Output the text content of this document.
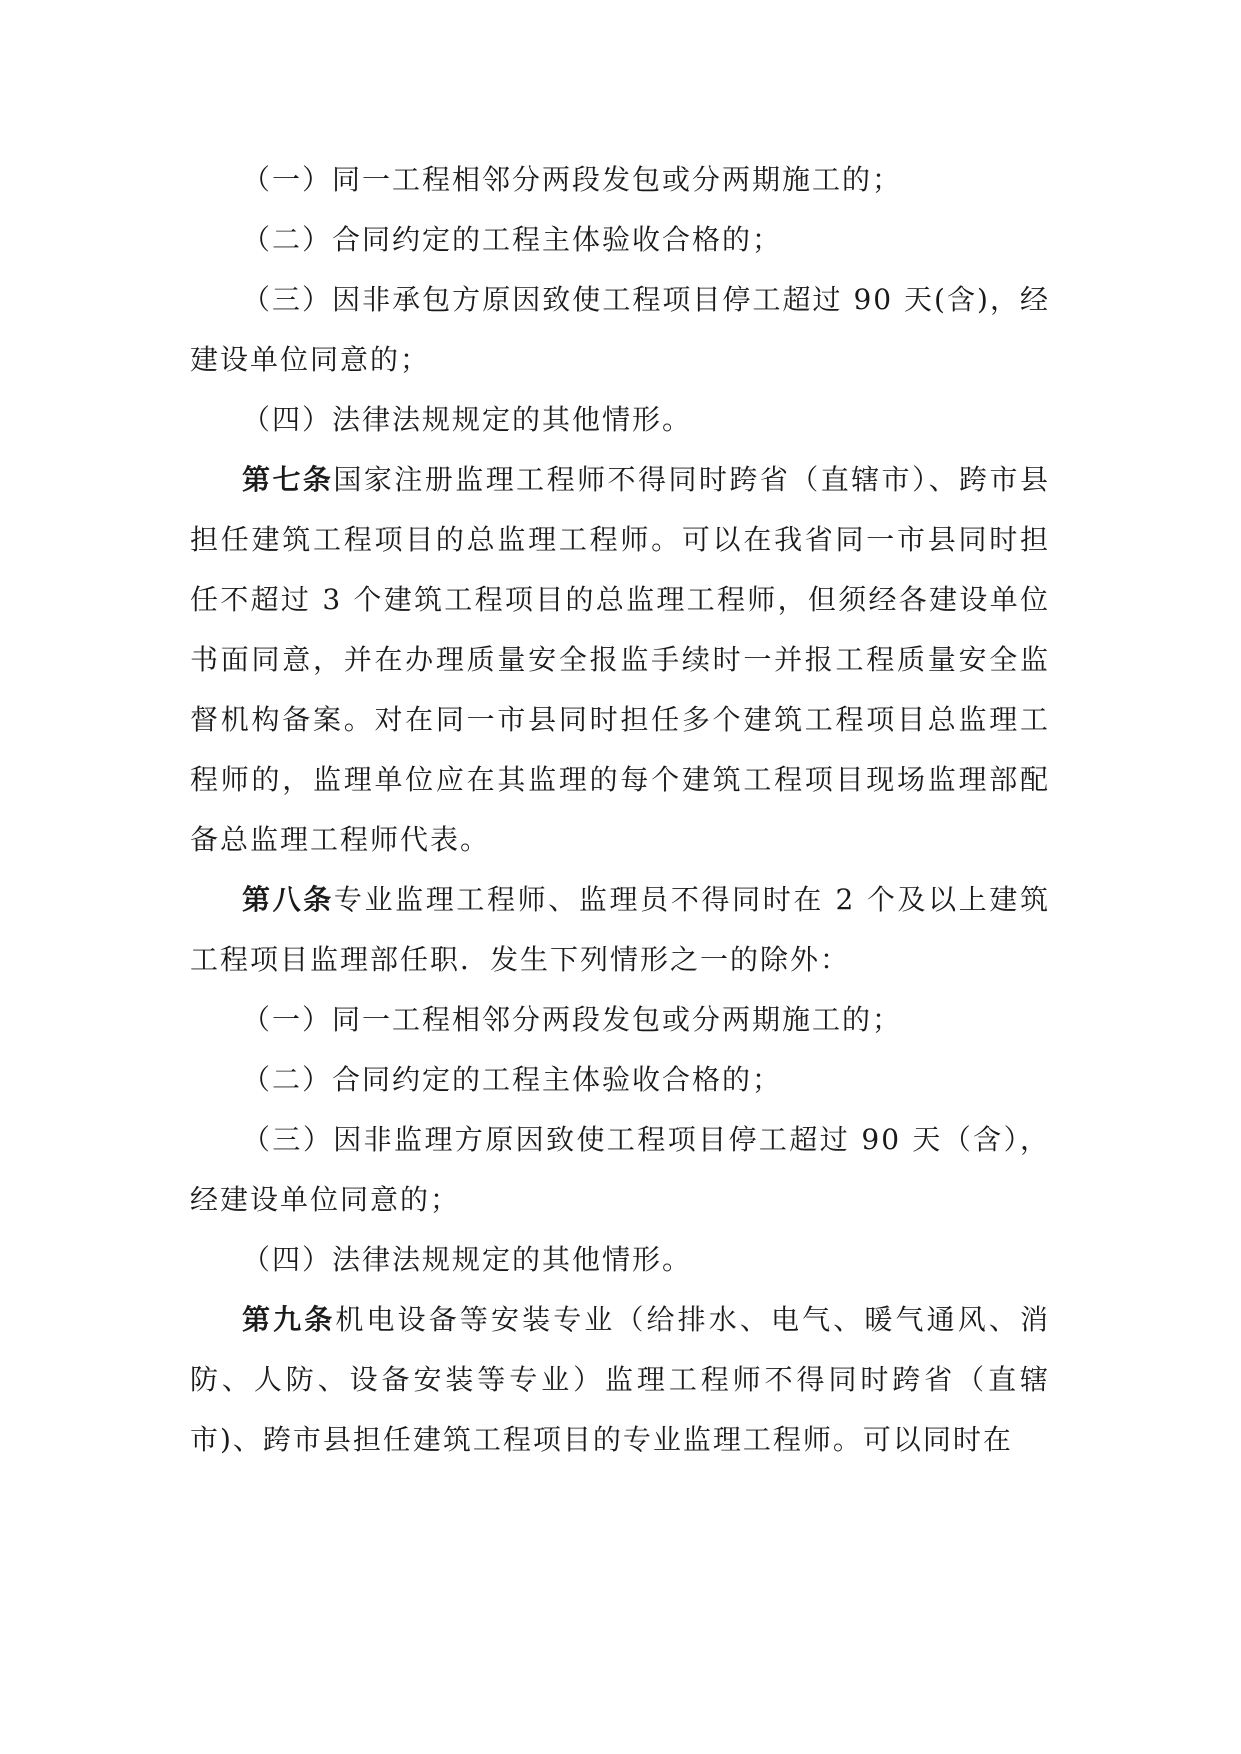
（一）同一工程相邻分两段发包或分两期施工的；

（二）合同约定的工程主体验收合格的；

（三）因非承包方原因致使工程项目停工超过 90 天(含)，经建设单位同意的；

（四）法律法规规定的其他情形。

第七条国家注册监理工程师不得同时跨省（直辖市）、跨市县担任建筑工程项目的总监理工程师。可以在我省同一市县同时担任不超过 3 个建筑工程项目的总监理工程师，但须经各建设单位书面同意，并在办理质量安全报监手续时一并报工程质量安全监督机构备案。对在同一市县同时担任多个建筑工程项目总监理工程师的，监理单位应在其监理的每个建筑工程项目现场监理部配备总监理工程师代表。

第八条专业监理工程师、监理员不得同时在 2 个及以上建筑工程项目监理部任职．发生下列情形之一的除外：

（一）同一工程相邻分两段发包或分两期施工的；

（二）合同约定的工程主体验收合格的；

（三）因非监理方原因致使工程项目停工超过 90 天（含），经建设单位同意的；

（四）法律法规规定的其他情形。

第九条机电设备等安装专业（给排水、电气、暖气通风、消防、人防、设备安装等专业）监理工程师不得同时跨省（直辖市)、跨市县担任建筑工程项目的专业监理工程师。可以同时在
